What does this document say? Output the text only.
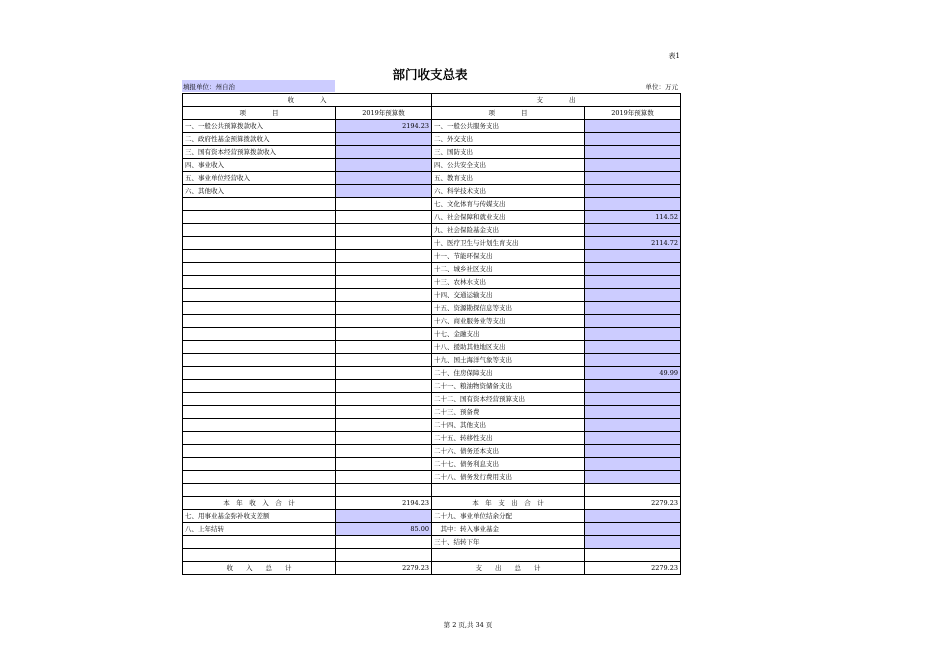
表1
部门收支总表
填报单位：州自治	单位：万元
收　　　　入		支　　　　出	
项　　　　目	2019年预算数	项　　　　目	2019年预算数
一、一般公共预算拨款收入	2194.23	一、一般公共服务支出	
二、政府性基金预算拨款收入		二、外交支出	
三、国有资本经营预算拨款收入		三、国防支出	
四、事业收入		四、公共安全支出	
五、事业单位经营收入		五、教育支出	
六、其他收入		六、科学技术支出	
		七、文化体育与传媒支出	
		八、社会保障和就业支出	114.52
		九、社会保险基金支出	
		十、医疗卫生与计划生育支出	2114.72
		十一、节能环保支出	
		十二、城乡社区支出	
		十三、农林水支出	
		十四、交通运输支出	
		十五、资源勘探信息等支出	
		十六、商业服务业等支出	
		十七、金融支出	
		十八、援助其他地区支出	
		十九、国土海洋气象等支出	
		二十、住房保障支出	49.99
		二十一、粮油物资储备支出	
		二十二、国有资本经营预算支出	
		二十三、预备费	
		二十四、其他支出	
		二十五、转移性支出	
		二十六、债务还本支出	
		二十七、债务利息支出	
		二十八、债务发行费用支出	

本　年　收　入　合　计	2194.23	本　年　支　出　合　计	2279.23
七、用事业基金弥补收支差额		二十九、事业单位结余分配	
八、上年结转	85.00	　其中：转入事业基金	
		三十、结转下年	

收　　入　　总　　计	2279.23	支　　出　　总　　计	2279.23
第 2 页,共 34 页
